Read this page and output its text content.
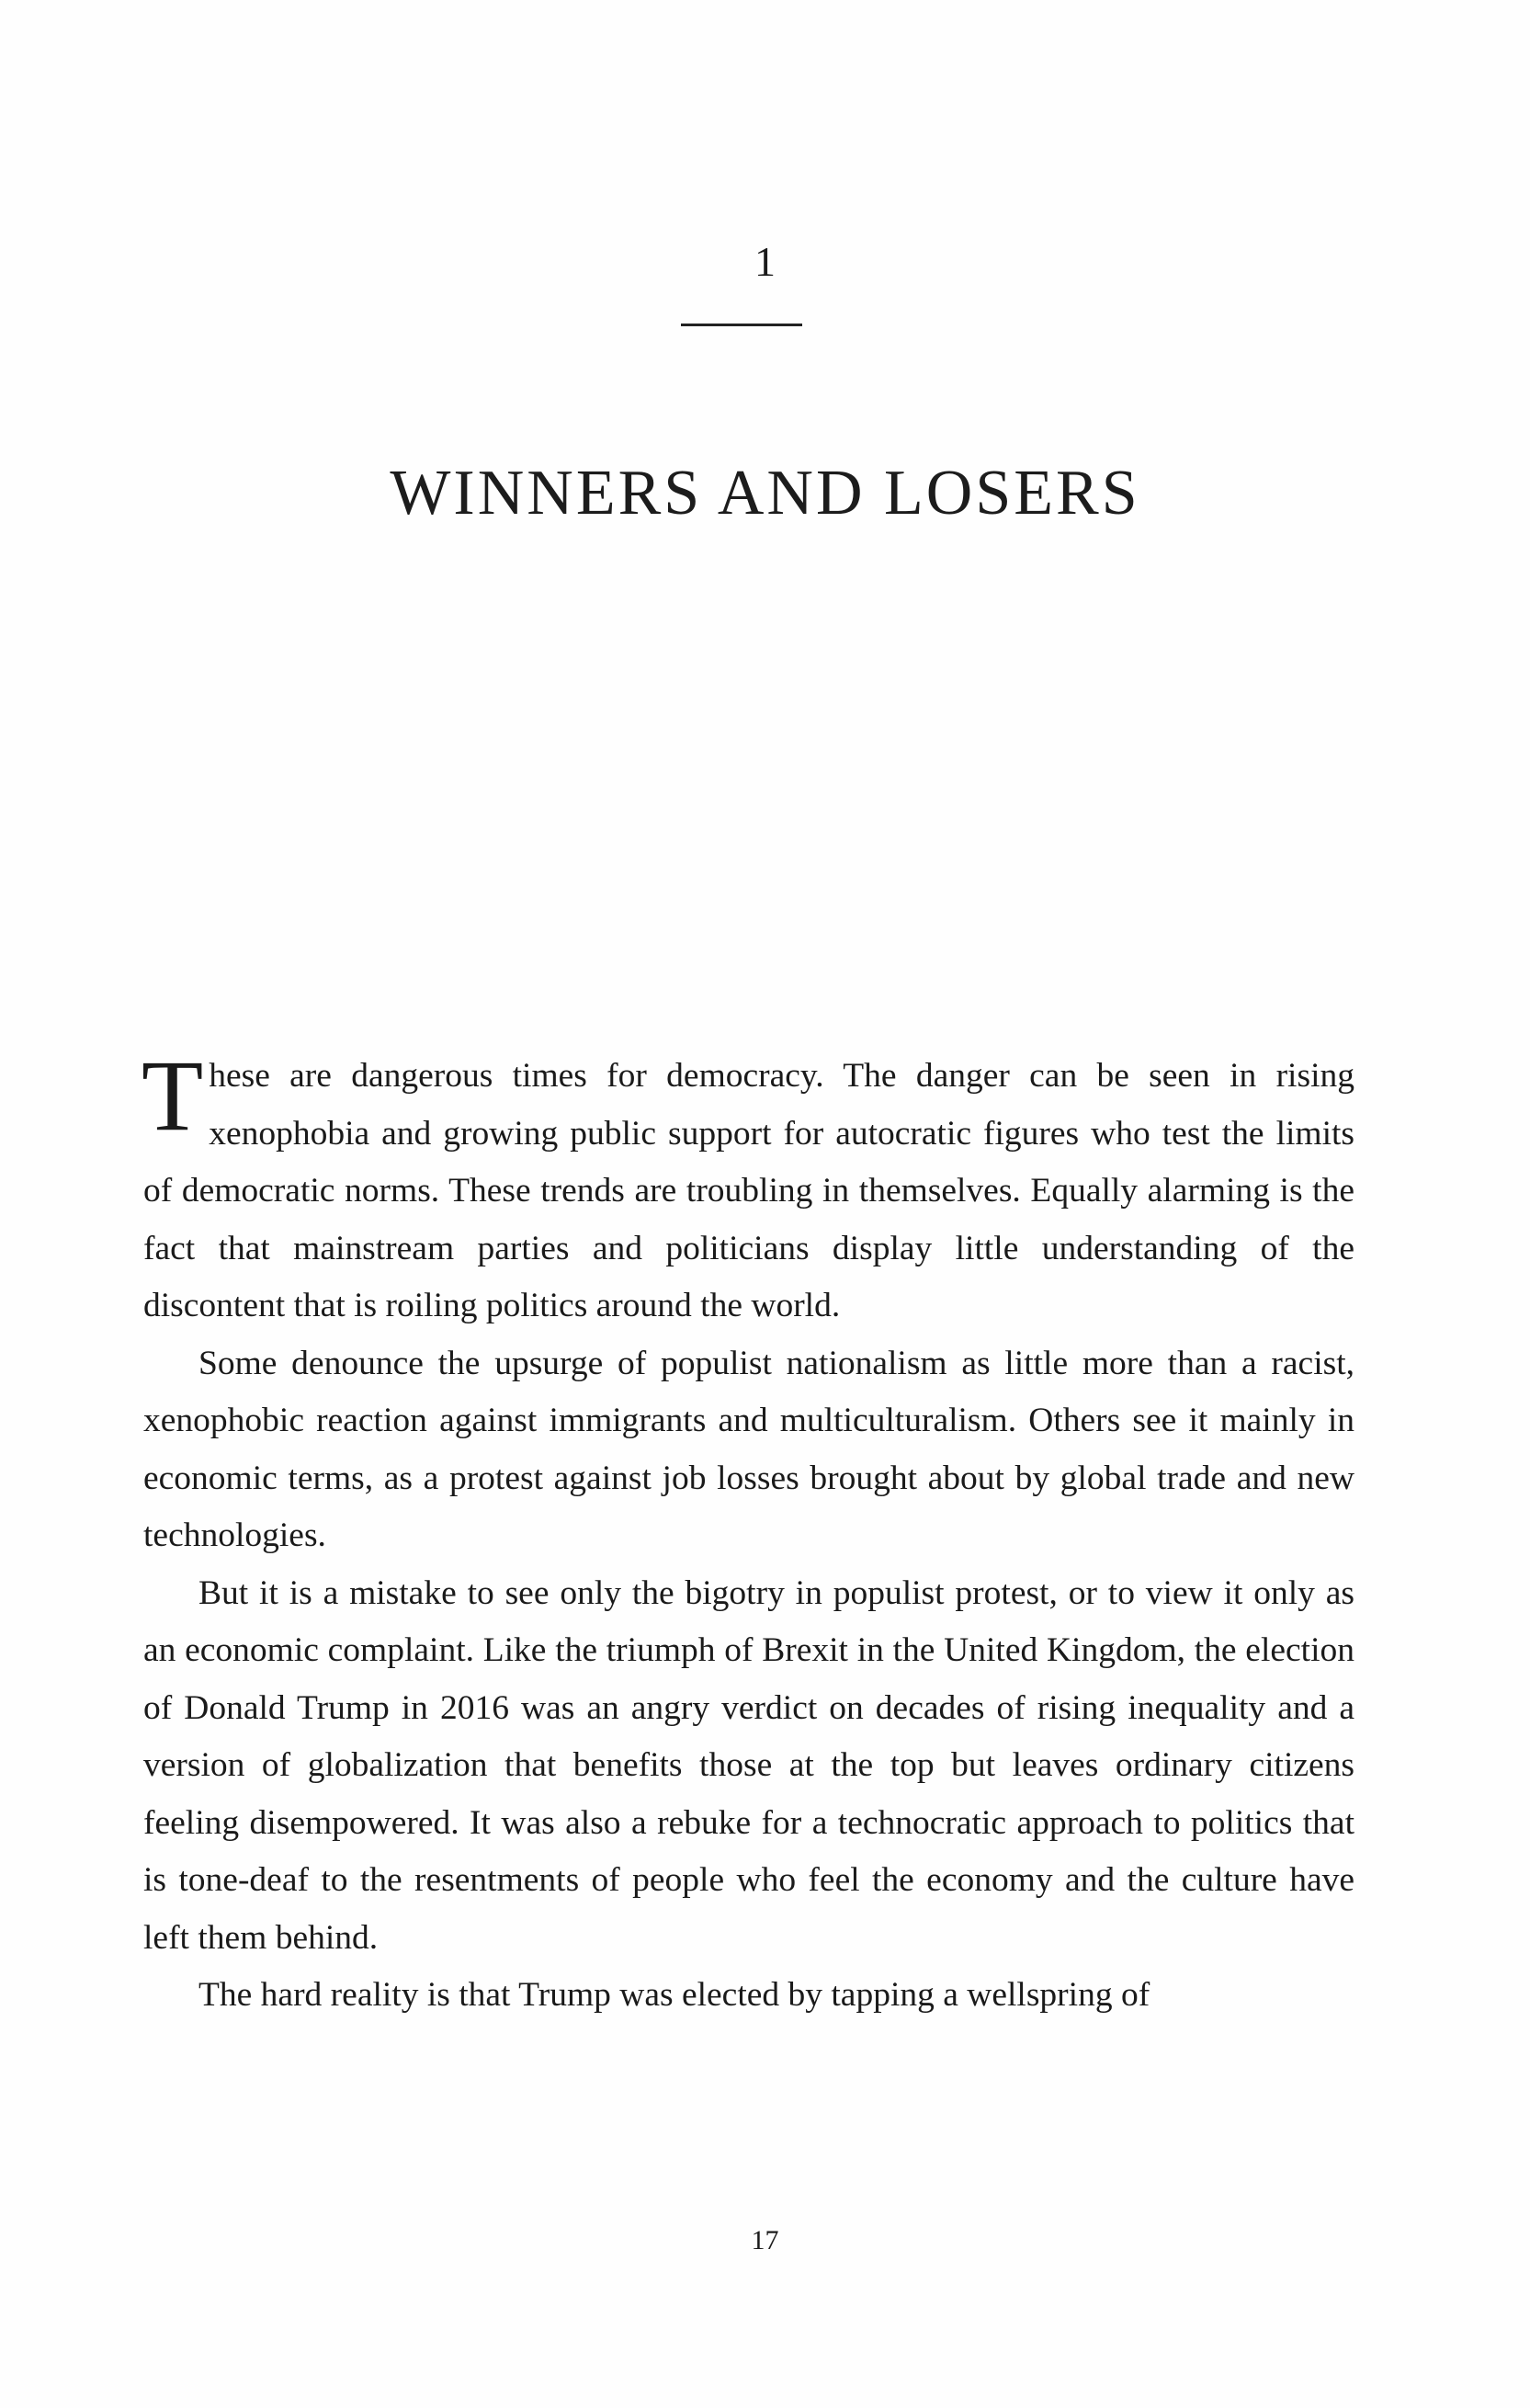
1
WINNERS AND LOSERS

These are dangerous times for democracy. The danger can be seen in rising xenophobia and growing public support for autocratic figures who test the limits of democratic norms. These trends are troubling in themselves. Equally alarming is the fact that mainstream parties and politicians display little understanding of the discontent that is roiling politics around the world.

Some denounce the upsurge of populist nationalism as little more than a racist, xenophobic reaction against immigrants and multiculturalism. Others see it mainly in economic terms, as a protest against job losses brought about by global trade and new technologies.

But it is a mistake to see only the bigotry in populist protest, or to view it only as an economic complaint. Like the triumph of Brexit in the United Kingdom, the election of Donald Trump in 2016 was an angry verdict on decades of rising inequality and a version of globalization that benefits those at the top but leaves ordinary citizens feeling disempowered. It was also a rebuke for a technocratic approach to politics that is tone-deaf to the resentments of people who feel the economy and the culture have left them behind.

The hard reality is that Trump was elected by tapping a wellspring of

17
